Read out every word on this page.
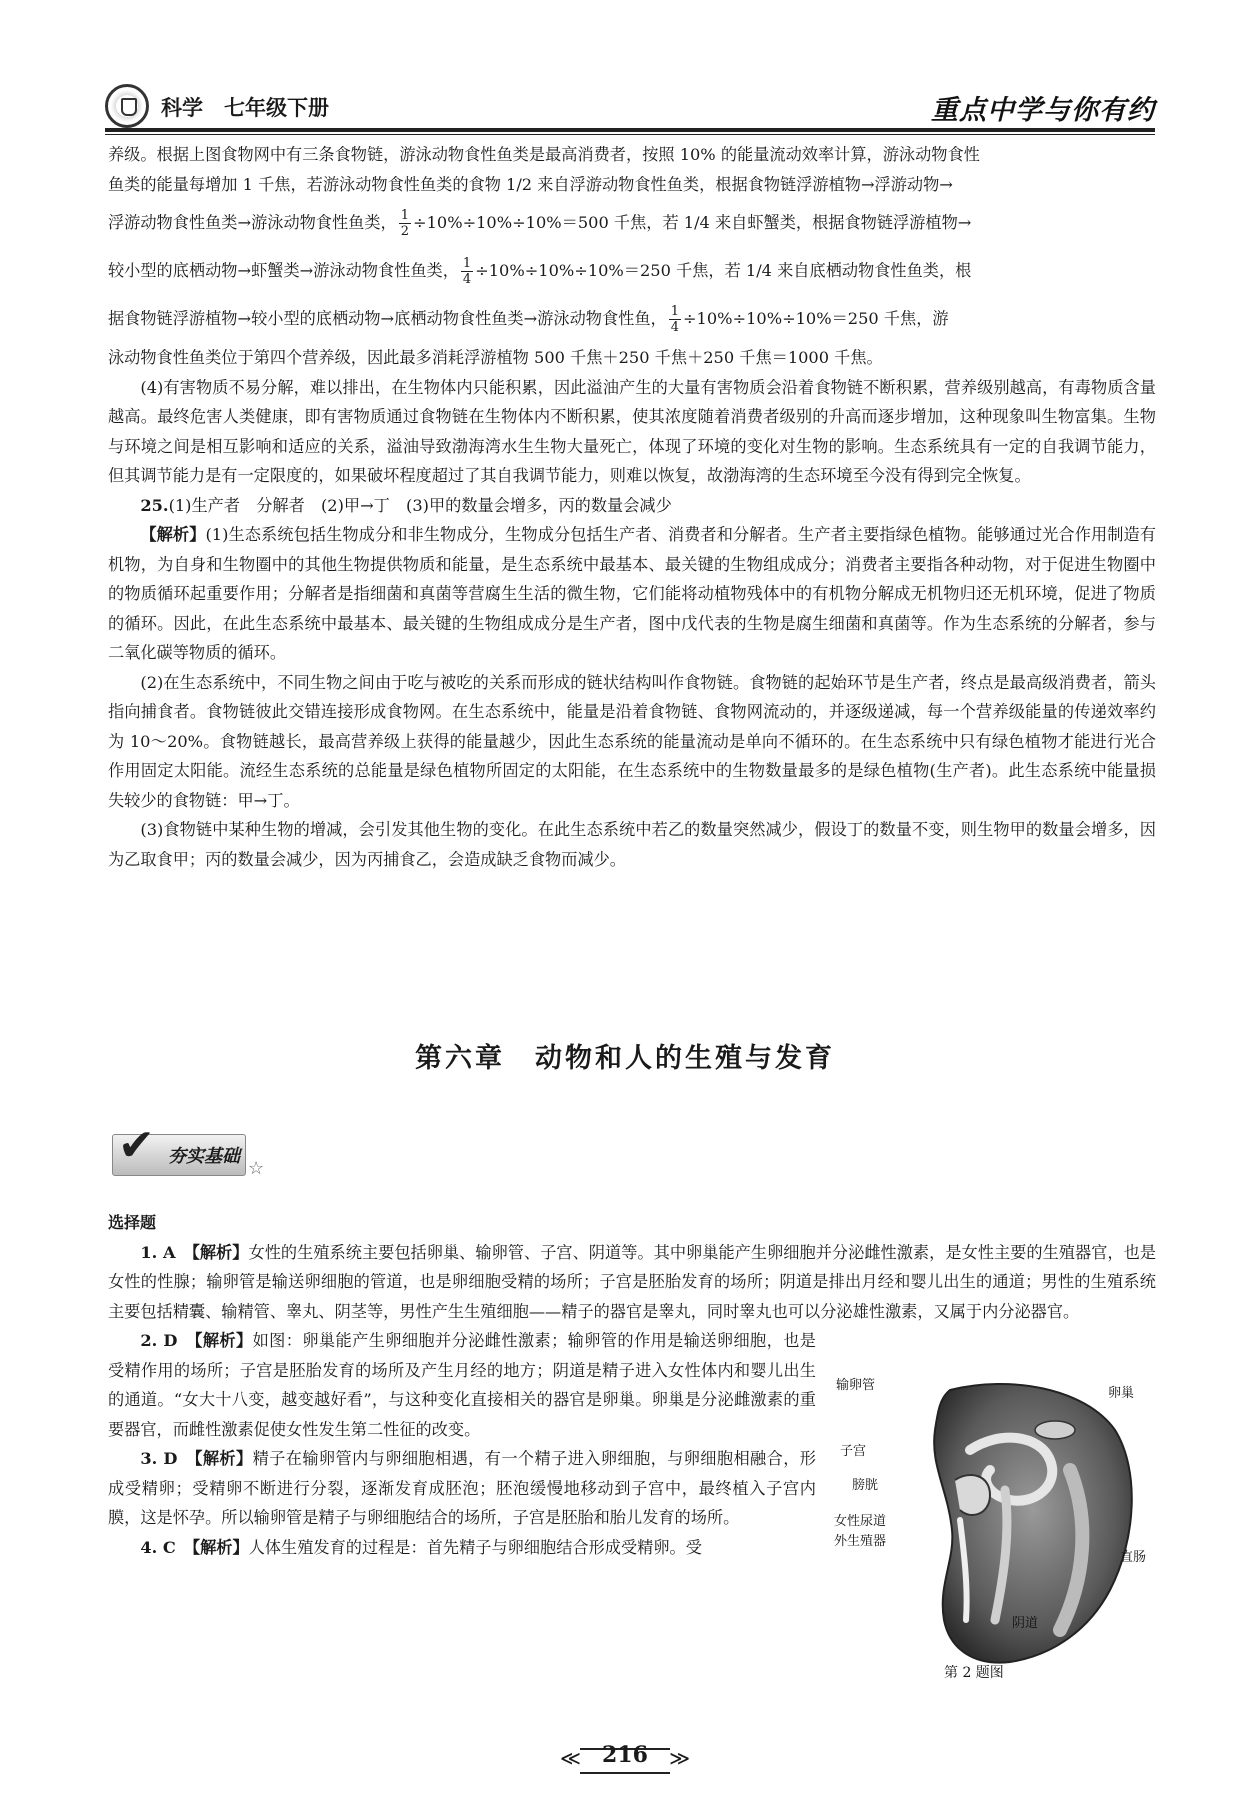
科学　七年级下册	重点中学与你有约

养级。根据上图食物网中有三条食物链，游泳动物食性鱼类是最高消费者，按照 10% 的能量流动效率计算，游泳动物食性

鱼类的能量每增加 1 千焦，若游泳动物食性鱼类的食物 1/2 来自浮游动物食性鱼类，根据食物链浮游植物→浮游动物→

浮游动物食性鱼类→游泳动物食性鱼类， $\frac{1}{2} \div 10\%\div 10\%\div 10\%=500$ 千焦，若 1/4 来自虾蟹类，根据食物链浮游植物→

较小型的底栖动物→虾蟹类→游泳动物食性鱼类， $\frac{1}{4} \div 10\%\div 10\%\div 10\%=250$ 千焦，若 1/4 来自底栖动物食性鱼类，根

据食物链浮游植物→较小型的底栖动物→底栖动物食性鱼类→游泳动物食性鱼， $\frac{1}{4} \div 10\%\div 10\%\div 10\%=250$ 千焦，游

泳动物食性鱼类位于第四个营养级，因此最多消耗浮游植物 500 千焦＋250 千焦＋250 千焦＝1000 千焦。

(4)有害物质不易分解，难以排出，在生物体内只能积累，因此溢油产生的大量有害物质会沿着食物链不断积累，营养级别越高，有毒物质含量越高。最终危害人类健康，即有害物质通过食物链在生物体内不断积累，使其浓度随着消费者级别的升高而逐步增加，这种现象叫生物富集。生物与环境之间是相互影响和适应的关系，溢油导致渤海湾水生生物大量死亡，体现了环境的变化对生物的影响。生态系统具有一定的自我调节能力，但其调节能力是有一定限度的，如果破坏程度超过了其自我调节能力，则难以恢复，故渤海湾的生态环境至今没有得到完全恢复。

25.(1)生产者　分解者　(2)甲→丁　(3)甲的数量会增多，丙的数量会减少

【解析】(1)生态系统包括生物成分和非生物成分，生物成分包括生产者、消费者和分解者。生产者主要指绿色植物。能够通过光合作用制造有机物，为自身和生物圈中的其他生物提供物质和能量，是生态系统中最基本、最关键的生物组成成分；消费者主要指各种动物，对于促进生物圈中的物质循环起重要作用；分解者是指细菌和真菌等营腐生生活的微生物，它们能将动植物残体中的有机物分解成无机物归还无机环境，促进了物质的循环。因此，在此生态系统中最基本、最关键的生物组成成分是生产者，图中戊代表的生物是腐生细菌和真菌等。作为生态系统的分解者，参与二氧化碳等物质的循环。

(2)在生态系统中，不同生物之间由于吃与被吃的关系而形成的链状结构叫作食物链。食物链的起始环节是生产者，终点是最高级消费者，箭头指向捕食者。食物链彼此交错连接形成食物网。在生态系统中，能量是沿着食物链、食物网流动的，并逐级递减，每一个营养级能量的传递效率约为 10～20%。食物链越长，最高营养级上获得的能量越少，因此生态系统的能量流动是单向不循环的。在生态系统中只有绿色植物才能进行光合作用固定太阳能。流经生态系统的总能量是绿色植物所固定的太阳能，在生态系统中的生物数量最多的是绿色植物(生产者)。此生态系统中能量损失较少的食物链：甲→丁。

(3)食物链中某种生物的增减，会引发其他生物的变化。在此生态系统中若乙的数量突然减少，假设丁的数量不变，则生物甲的数量会增多，因为乙取食甲；丙的数量会减少，因为丙捕食乙，会造成缺乏食物而减少。

第六章　动物和人的生殖与发育
✔ 夯实基础
☆

选择题

1. A　 【解析】女性的生殖系统主要包括卵巢、输卵管、子宫、阴道等。其中卵巢能产生卵细胞并分泌雌性激素，是女性主要的生殖器官，也是女性的性腺；输卵管是输送卵细胞的管道，也是卵细胞受精的场所；子宫是胚胎发育的场所；阴道是排出月经和婴儿出生的通道；男性的生殖系统主要包括精囊、输精管、睾丸、阴茎等，男性产生生殖细胞——精子的器官是睾丸，同时睾丸也可以分泌雄性激素，又属于内分泌器官。

2. D　 【解析】如图：卵巢能产生卵细胞并分泌雌性激素；输卵管的作用是输送卵细胞，也是受精作用的场所；子宫是胚胎发育的场所及产生月经的地方；阴道是精子进入女性体内和婴儿出生的通道。“女大十八变，越变越好看”，与这种变化直接相关的器官是卵巢。卵巢是分泌雌激素的重要器官，而雌性激素促使女性发生第二性征的改变。

3. D　 【解析】精子在输卵管内与卵细胞相遇，有一个精子进入卵细胞，与卵细胞相融合，形成受精卵；受精卵不断进行分裂，逐渐发育成胚泡；胚泡缓慢地移动到子宫中，最终植入子宫内膜，这是怀孕。所以输卵管是精子与卵细胞结合的场所，子宫是胚胎和胎儿发育的场所。

4. C　 【解析】人体生殖发育的过程是：首先精子与卵细胞结合形成受精卵。受

输卵管
卵巢
子宫
膀胱
女性尿道
外生殖器
直肠
阴道
第 2 题图
≪ 216	≫
